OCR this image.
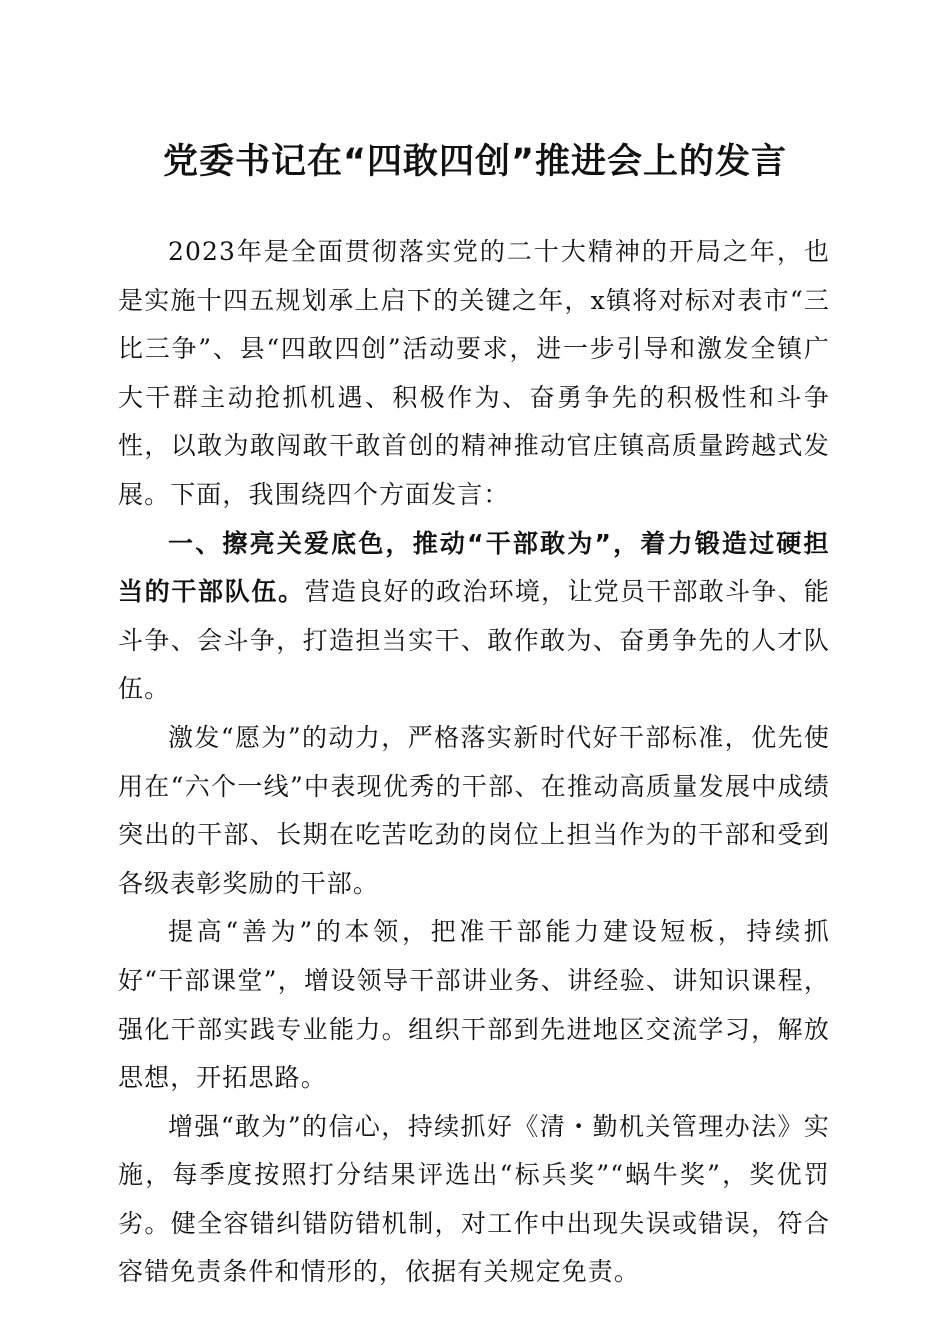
党委书记在“四敢四创”推进会上的发言

2023年是全面贯彻落实党的二十大精神的开局之年，也是实施十四五规划承上启下的关键之年，x镇将对标对表市“三比三争”、县“四敢四创”活动要求，进一步引导和激发全镇广大干群主动抢抓机遇、积极作为、奋勇争先的积极性和斗争性，以敢为敢闯敢干敢首创的精神推动官庄镇高质量跨越式发展。下面，我围绕四个方面发言：

一、擦亮关爱底色，推动“干部敢为”，着力锻造过硬担当的干部队伍。营造良好的政治环境，让党员干部敢斗争、能斗争、会斗争，打造担当实干、敢作敢为、奋勇争先的人才队伍。

激发“愿为”的动力，严格落实新时代好干部标准，优先使用在“六个一线”中表现优秀的干部、在推动高质量发展中成绩突出的干部、长期在吃苦吃劲的岗位上担当作为的干部和受到各级表彰奖励的干部。

提高“善为”的本领，把准干部能力建设短板，持续抓好“干部课堂”，增设领导干部讲业务、讲经验、讲知识课程，强化干部实践专业能力。组织干部到先进地区交流学习，解放思想，开拓思路。

增强“敢为”的信心，持续抓好《清・勤机关管理办法》实施，每季度按照打分结果评选出“标兵奖”“蜗牛奖”，奖优罚劣。健全容错纠错防错机制，对工作中出现失误或错误，符合容错免责条件和情形的，依据有关规定免责。
